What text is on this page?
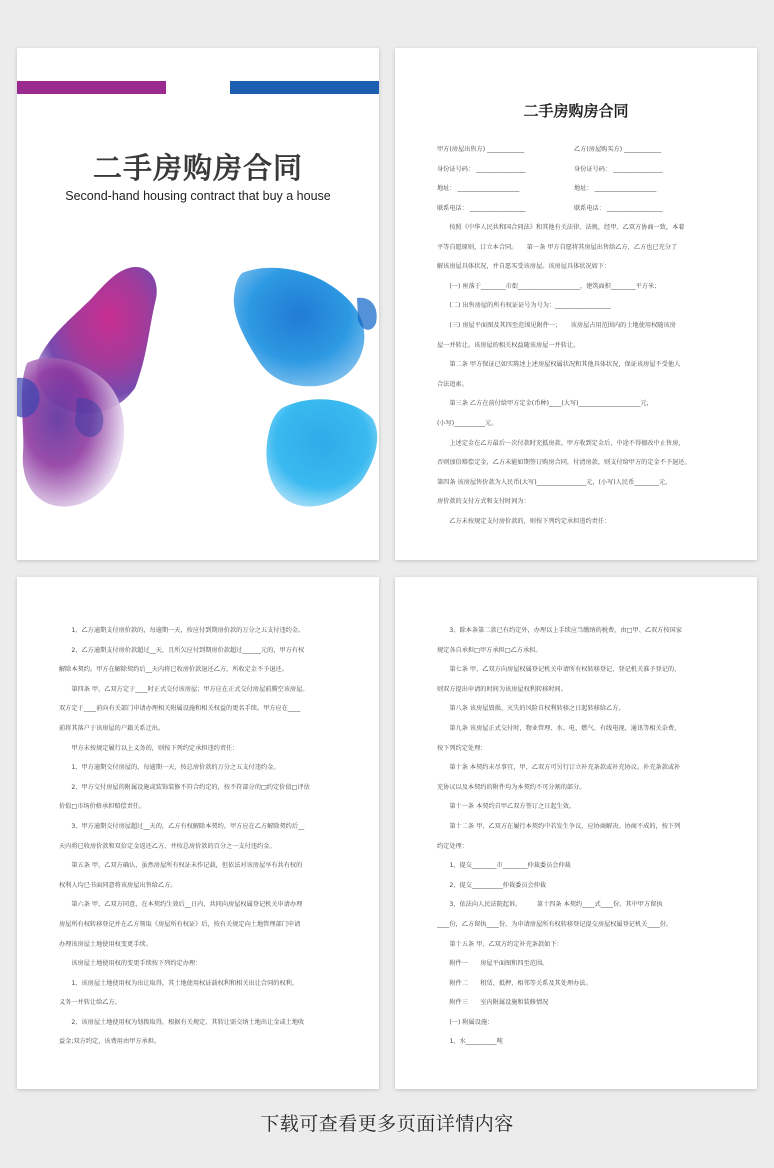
二手房购房合同
Second-hand housing contract that buy a house
二手房购房合同
甲方(房屋出售方) ____________	乙方(房屋购买方) ____________
身份证号码： ________________	身份证号码： ________________
地址： ____________________	地址： ____________________
联系电话： __________________	联系电话： __________________
　　按照《中华人民共和国合同法》和其他有关法律、法规，经甲、乙双方协商一致，本着
平等自愿原则，订立本合同。　　第一条 甲方自愿将其房屋出售给乙方，乙方也已充分了
解该房屋具体状况，并自愿买受该房屋。该房屋具体状况如下：
　　(一) 座落于________市街____________________，建筑面积________平方米；
　　(二) 出售房屋的所有权证证号为号为：__________________
　　(三) 房屋平面图及其四至范围见附件一；　　该房屋占用范围内的土地使用权随该房
屋一并转让。该房屋的相关权益随该房屋一并转让。
　　第二条 甲方保证已如实陈述上述房屋权属状况和其他具体状况，保证该房屋不受他人
合法追索。
　　第三条 乙方在前付给甲方定金(币种)____(大写)____________________元，
(小写)__________元。
　　上述定金在乙方最后一次付款时充抵房款。甲方收到定金后，中途不得擅改中止售房，
否则加倍赔偿定金，乙方未能如期签订购房合同，付清房款，则支付给甲方的定金不予退还。
第四条 该房屋售价款为人民币(大写)________________元，(小写)人民币________元，
房价款的支付方式和支付时间为：
　　乙方未按规定支付房价款的，则按下列约定承担违约责任：
　　1、乙方逾期支付房价款的，每逾期一天，按应付到期房价款的万分之五支付违约金。
　　2、乙方逾期支付房价款超过__天，且所欠应付到期房价款超过______元的，甲方有权
解除本契约。甲方在解除契约后__天内将已收房价款退还乙方，所收定金不予退还。
　　第四条 甲、乙双方定于____时正式交付该房屋；甲方应在正式交付房屋前腾空该房屋。
双方定于____前向有关部门申请办理相关附属设施和相关权益的更名手续。甲方应在____
前将其落户于该房屋的户籍关系迁出。
　　甲方未按规定履行以上义务的，则按下列约定承担违约责任：
　　1、甲方逾期交付房屋的，每逾期一天，按总房价款的万分之五支付违约金。
　　2、甲方交付房屋的附属设施或装饰装修不符合约定的，按不符部分的□约定价值□评估
价值□市场价格承担赔偿责任。
　　3、甲方逾期交付房屋超过__天的，乙方有权解除本契约。甲方应在乙方解除契约后__
天内将已收房价款和双倍定金返还乙方，并按总房价款的百分之一支付违约金。
　　第五条 甲、乙双方确认，虽然房屋所有权证未作记载，但依法对该房屋享有共有权的
权利人均已书面同意将该房屋出售给乙方。
　　第六条 甲、乙双方同意，在本契约生效后__日内，共同向房屋权属登记机关申请办理
房屋所有权转移登记并在乙方领取《房屋所有权证》后，按有关规定向土地管理部门申请
办理该房屋土地使用权变更手续。
　　该房屋土地使用权的变更手续按下列约定办理：
　　1、该房屋土地使用权为出让取得，其土地使用权证载权利和相关出让合同的权利、
义务一并转让给乙方。
　　2、该房屋土地使用权为划拨取得，根据有关规定，其转让需交纳土地出让金或土地收
益金;双方约定，该费用由甲方承担。
　　3、除本条第二款已有约定外，办理以上手续应当缴纳的税费，由□甲、乙双方按国家
规定各自承担□甲方承担□乙方承担。
　　第七条 甲、乙双方向房屋权属登记机关申请所有权转移登记，登记机关准予登记的，
则双方提出申请的时间为该房屋权利转移时间。
　　第八条 该房屋毁损、灭失的风险自权利转移之日起转移给乙方。
　　第九条 该房屋正式交付时，物业管理、水、电、燃气、有线电视、通讯等相关杂费，
按下列约定处理：
　　第十条 本契约未尽事宜，甲、乙双方可另行订立补充条款或补充协议。补充条款或补
充协议以及本契约的附件均为本契约不可分割的部分。
　　第十一条 本契约自甲乙双方签订之日起生效。
　　第十二条 甲、乙双方在履行本契约中若发生争议，应协商解决。协商不成的，按下列
约定处理：
　　1、提交________市________仲裁委员会仲裁
　　2、提交__________仲裁委员会仲裁
　　3、依法向人民法院起诉。　　　第十四条 本契约____式____份。其中甲方留执
____份，乙方留执____份，为申请房屋所有权转移登记提交房屋权属登记机关____份。
　　第十五条 甲、乙双方约定补充条款如下：
　　附件一　　房屋平面图和四至范围。
　　附件二　　租赁、抵押、相邻等关系及其处理办法。
　　附件三　　室内附属设施和装修情况
　　(一) 附属设施：
　　1、水__________吨
下载可查看更多页面详情内容
